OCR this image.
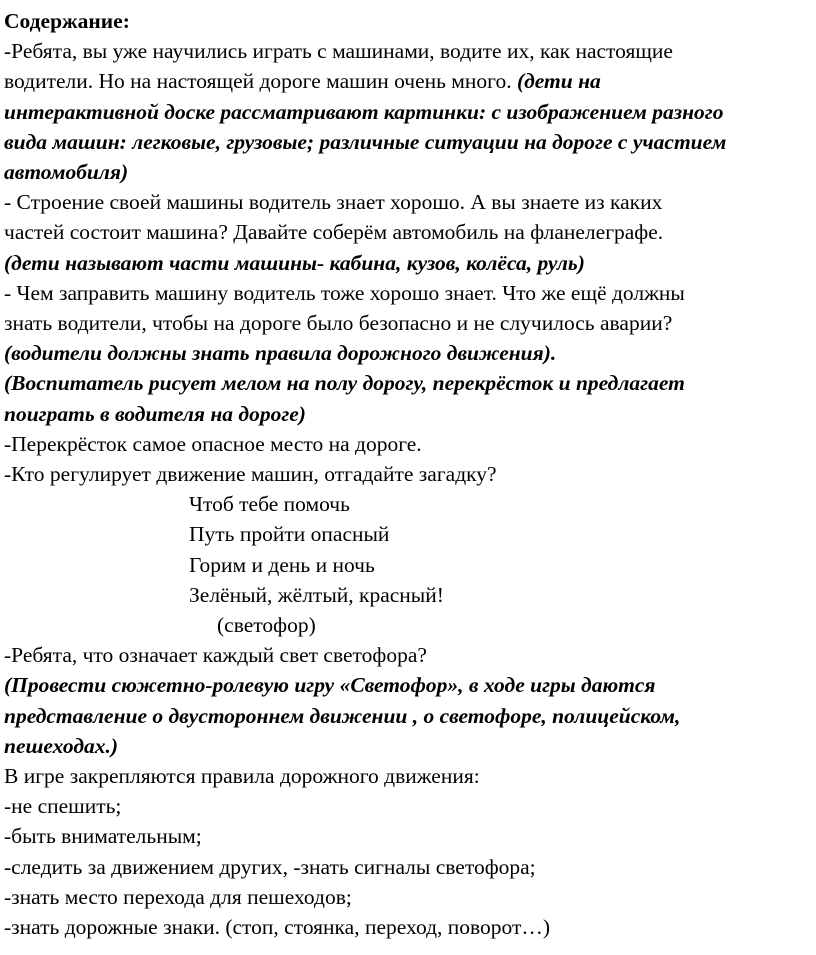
Содержание:
-Ребята, вы уже научились играть с машинами, водите их, как настоящие
водители. Но на настоящей дороге машин очень много. (дети на
интерактивной доске рассматривают картинки: с изображением разного
вида машин: легковые, грузовые; различные ситуации на дороге с участием
автомобиля)
- Строение своей машины водитель знает хорошо. А вы знаете из каких
частей состоит машина? Давайте соберём автомобиль на фланелеграфе.
(дети называют части машины- кабина, кузов, колёса, руль)
- Чем заправить машину водитель тоже хорошо знает. Что же ещё должны
знать водители, чтобы на дороге было безопасно и не случилось аварии?
(водители должны знать правила дорожного движения).
(Воспитатель рисует мелом на полу дорогу, перекрёсток и предлагает
поиграть в водителя на дороге)
-Перекрёсток самое опасное место на дороге.
-Кто регулирует движение машин, отгадайте загадку?
Чтоб тебе помочь
Путь пройти опасный
Горим и день и ночь
Зелёный, жёлтый, красный!
(светофор)
-Ребята, что означает каждый свет светофора?
(Провести сюжетно-ролевую игру «Светофор», в ходе игры даются
представление о двустороннем движении , о светофоре, полицейском,
пешеходах.)
В игре закрепляются правила дорожного движения:
-не спешить;
-быть внимательным;
-следить за движением других, -знать сигналы светофора;
-знать место перехода для пешеходов;
-знать дорожные знаки. (стоп, стоянка, переход, поворот…)
